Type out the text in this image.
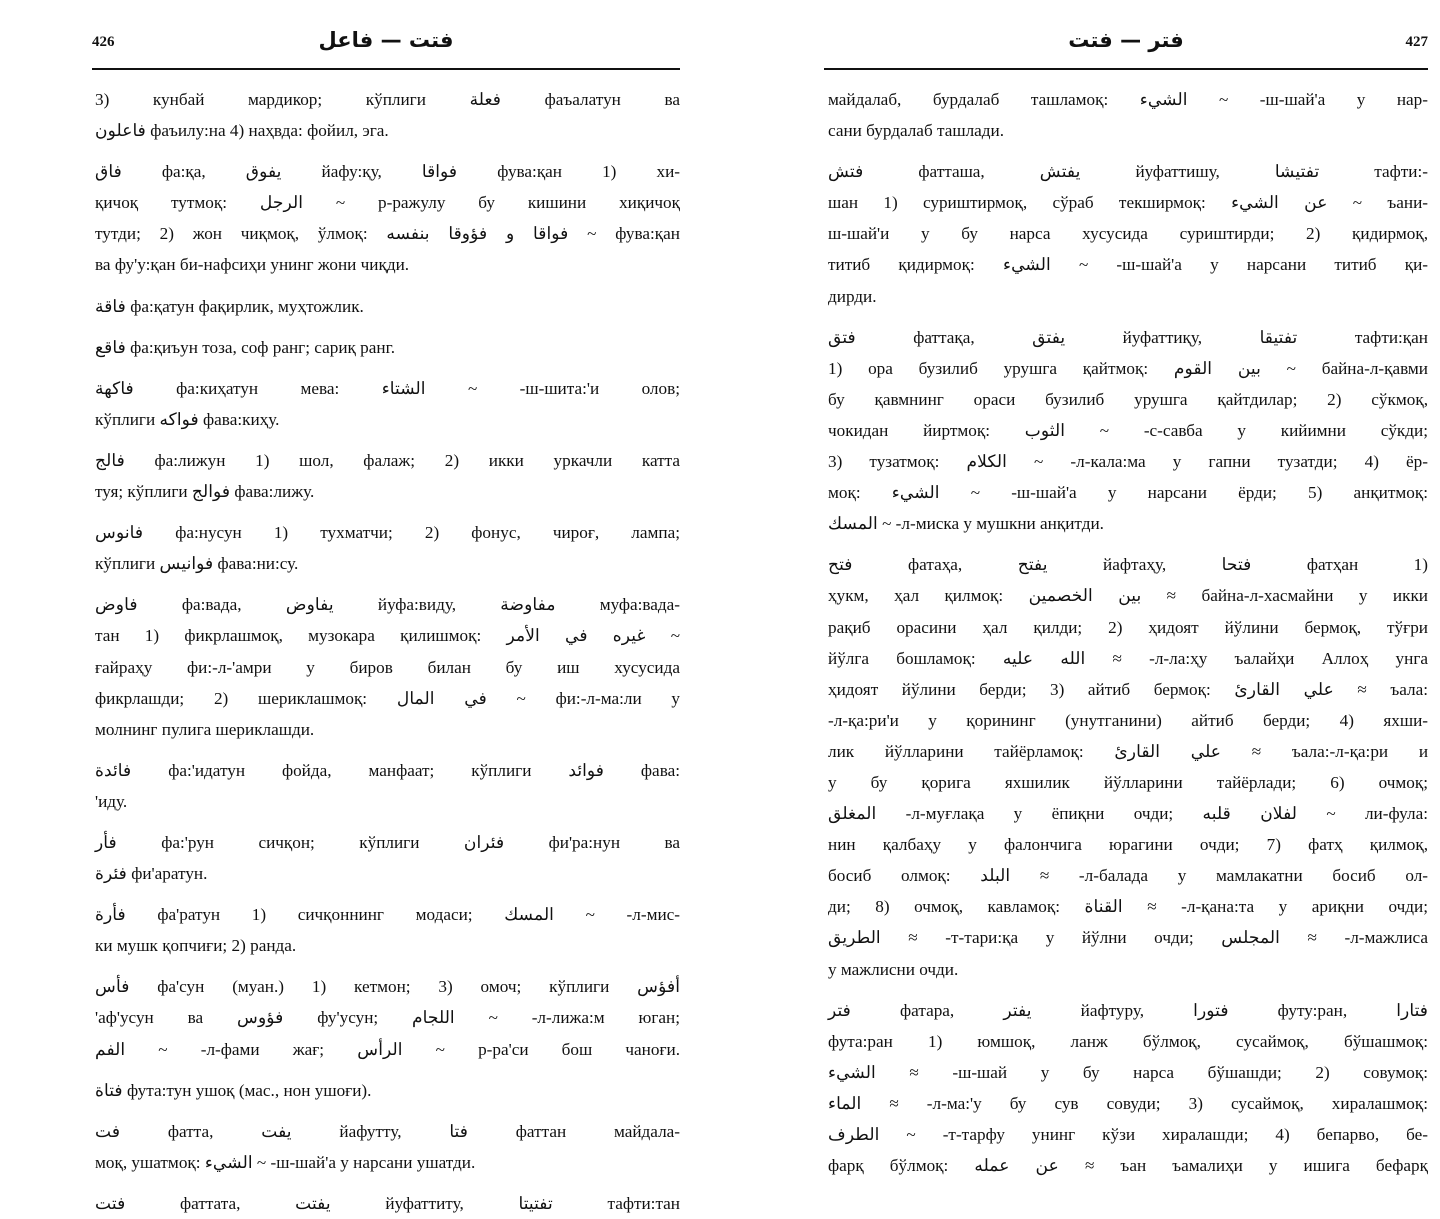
426	فتت — فاعل
3) кунбай мардикор; кўплиги فعلة фаъалатун ва
فاعلون фаъилу:на 4) наҳвда: фойил, эга.
فاق фа:қа, يفوق йафу:қу, فواقا фува:қан 1) хи-
қичоқ тутмоқ: الرجل ~ р-ражулу бу кишини хиқичоқ
тутди; 2) жон чиқмоқ, ўлмоқ: فواقا و فؤوقا بنفسه ~ фува:қан
ва фу'у:қан би-нафсиҳи унинг жони чиқди.
فاقة фа:қатун фақирлик, муҳтожлик.
فاقع фа:қиъун тоза, соф ранг; сариқ ранг.
فاكهة фа:киҳатун мева: الشتاء ~ -ш-шита:'и олов;
кўплиги فواكه фава:киҳу.
فالج фа:лижун 1) шол, фалаж; 2) икки уркачли катта
туя; кўплиги فوالج фава:лижу.
فانوس фа:нусун 1) тухматчи; 2) фонус, чироғ, лампа;
кўплиги فوانيس фава:ни:су.
فاوض фа:вада, يفاوض йуфа:виду, مفاوضة муфа:вада-
тан 1) фикрлашмоқ, музокара қилишмоқ: غيره في الأمر ~
ғайраҳу фи:-л-'амри у биров билан бу иш хусусида
фикрлашди; 2) шериклашмоқ: في المال ~ фи:-л-ма:ли у
молнинг пулига шериклашди.
فائدة фа:'идатун фойда, манфаат; кўплиги فوائد фава:
'иду.
فأر фа:'рун сичқон; кўплиги فئران фи'ра:нун ва
فئرة фи'аратун.
فأرة фа'ратун 1) сичқоннинг модаси; المسك ~ -л-мис-
ки мушк қопчиғи; 2) ранда.
فأس фа'сун (муан.) 1) кетмон; 3) омоч; кўплиги أفؤس
'аф'усун ва فؤوس фу'усун; اللجام ~ -л-лижа:м юган;
الفم ~ -л-фами жағ; الرأس ~ р-ра'си бош чаноғи.
فتاة фута:тун ушоқ (мас., нон ушоғи).
فت фатта, يفت йафутту, فتا фаттан майдала-
моқ, ушатмоқ: الشيء ~ -ш-шай'а у нарсани ушатди.
فتت фаттата, يفتت йуфаттиту, تفتيتا тафти:тан
فتر — فتت	427
майдалаб, бурдалаб ташламоқ: الشيء ~ -ш-шай'а у нар-
сани бурдалаб ташлади.
فتش фатташа, يفتش йуфаттишу, تفتيشا тафти:-
шан 1) суриштирмоқ, сўраб текширмоқ: عن الشيء ~ ъани-
ш-шай'и у бу нарса хусусида суриштирди; 2) қидирмоқ,
титиб қидирмоқ: الشيء ~ -ш-шай'а у нарсани титиб қи-
дирди.
فتق фаттақа, يفتق йуфаттиқу, تفتيقا тафти:қан
1) ора бузилиб урушга қайтмоқ: بين القوم ~ байна-л-қавми
бу қавмнинг ораси бузилиб урушга қайтдилар; 2) сўкмоқ,
чокидан йиртмоқ: الثوب ~ -с-савба у кийимни сўкди;
3) тузатмоқ: الكلام ~ -л-кала:ма у гапни тузатди; 4) ёр-
моқ: الشيء ~ -ш-шай'а у нарсани ёрди; 5) анқитмоқ:
المسك ~ -л-миска у мушкни анқитди.
فتح фатаҳа, يفتح йафтаҳу, فتحا фатҳан 1)
ҳукм, ҳал қилмоқ: بين الخصمين ≈ байна-л-хаcмайни у икки
рақиб орасини ҳал қилди; 2) ҳидоят йўлини бермоқ, тўғри
йўлга бошламоқ: الله عليه ≈ -л-ла:ҳу ъалайҳи Аллоҳ унга
ҳидоят йўлини берди; 3) айтиб бермоқ: علي القارئ ≈ ъала:
-л-қа:ри'и у қорининг (унутганини) айтиб берди; 4) яхши-
лик йўлларини тайёрламоқ: علي القارئ ≈ ъала:-л-қа:ри и
у бу қорига яхшилик йўлларини тайёрлади; 6) очмоқ;
المغلق -л-муғлақа у ёпиқни очди; لفلان قلبه ~ ли-фула:
нин қалбаҳу у фалончига юрагини очди; 7) фатҳ қилмоқ,
босиб олмоқ: البلد ≈ -л-балада у мамлакатни босиб ол-
ди; 8) очмоқ, кавламоқ: القناة ≈ -л-қана:та у ариқни очди;
الطريق ≈ -т-тари:қа у йўлни очди; المجلس ≈ -л-мажлиса
у мажлисни очди.
فتر фатара, يفتر йафтуру, فتورا футу:ран, فتارا
фута:ран 1) юмшоқ, ланж бўлмоқ, сусаймоқ, бўшашмоқ:
الشيء ≈ -ш-шай у бу нарса бўшашди; 2) совумоқ:
الماء ≈ -л-ма:'у бу сув совуди; 3) сусаймоқ, хиралашмоқ:
الطرف ~ -т-тарфу унинг кўзи хиралашди; 4) бепарво, бе-
фарқ бўлмоқ: عن عمله ≈ ъан ъамалиҳи у ишига бефарқ
